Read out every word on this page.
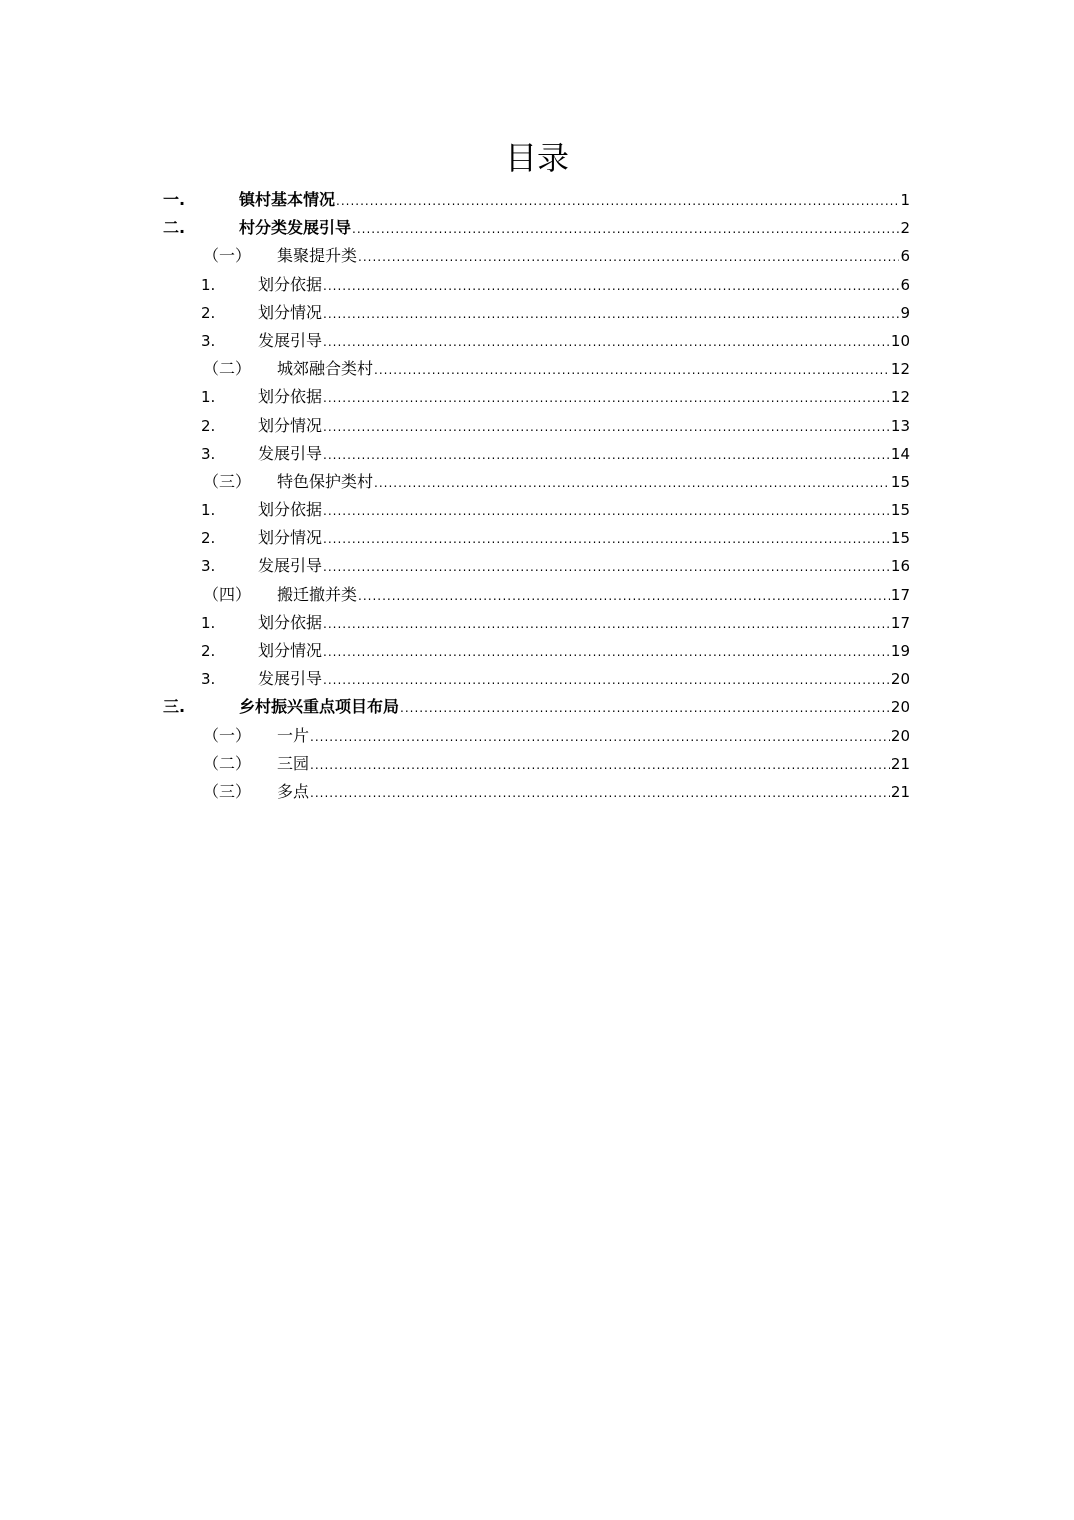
目录
一.	镇村基本情况 .....	1
二.	村分类发展引导 .....	2
（一） 集聚提升类 .....	6
1.	划分依据 .....	6
2.	划分情况 .....	9
3.	发展引导 .....	10
（二） 城郊融合类村 .....	12
1.	划分依据 .....	12
2.	划分情况 .....	13
3.	发展引导 .....	14
（三） 特色保护类村 .....	15
1.	划分依据 .....	15
2.	划分情况 .....	15
3.	发展引导 .....	16
（四） 搬迁撤并类 .....	17
1.	划分依据 .....	17
2.	划分情况 .....	19
3.	发展引导 .....	20
三.	乡村振兴重点项目布局 .....	20
（一） 一片 .....	20
（二） 三园 .....	21
（三） 多点 .....	21
